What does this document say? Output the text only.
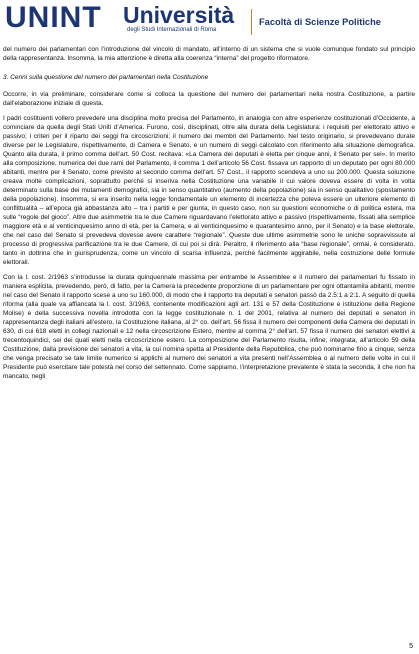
UNINT Università
degli Studi Internazionali di Roma
Facoltà di Scienze Politiche

del numero dei parlamentari con l’introduzione del vincolo di mandato, all’interno di un sistema che si vuole comunque fondato sul principio della rappresentanza. Insomma, la mia attenzione è diretta alla coerenza “interna” del progetto riformatore.

3. Cenni sulla questione del numero dei parlamentari nella Costituzione

Occorre, in via preliminare, considerare come si colloca la questione del numero dei parlamentari nella nostra Costituzione, a partire dall’elaborazione iniziale di questa.

I padri costituenti vollero prevedere una disciplina molto precisa del Parlamento, in analogia con altre esperienze costituzionali d’Occidente, a cominciare da quella degli Stati Uniti d’America. Furono, così, disciplinati, oltre alla durata della Legislatura: i requisiti per elettorato attivo e passivo; i criteri per il riparto dei seggi fra circoscrizioni; il numero dei membri del Parlamento. Nel testo originario, si prevedevano durate diverse per le Legislature, rispettivamente, di Camera e Senato, e un numero di seggi calcolato con riferimento alla situazione demografica. Quanto alla durata, il primo comma dell’art. 50 Cost. recitava: «La Camera dei deputati è eletta per cinque anni, il Senato per sei». In merito alla composizione, numerica dei due rami del Parlamento, il comma 1 dell’articolo 56 Cost. fissava un rapporto di un deputato per ogni 80.000 abitanti, mentre per il Senato, come previsto al secondo comma dell’art. 57 Cost., il rapporto scendeva a uno su 200.000. Questa soluzione creava molte complicazioni, soprattutto perché si inseriva nella Costituzione una variabile il cui valore doveva essere di volta in volta determinato sulla base dei mutamenti demografici, sia in senso quantitativo (aumento della popolazione) sia in senso qualitativo (spostamento della popolazione). Insomma, si era inserito nella legge fondamentale un elemento di incertezza che poteva essere un ulteriore elemento di conflittualità – all’epoca già abbastanza alto – tra i partiti e per giunta, in questo caso, non su questioni economiche o di politica estera, ma sulle “regole del gioco”. Altre due asimmetrie tra le due Camere riguardavano l’elettorato attivo e passivo (rispettivamente, fissati alla semplice maggiore età e al venticinquesimo anno di età, per la Camera, e al venticinquesimo e quarantesimo anno, per il Senato) e la base elettorale, che nel caso del Senato si prevedeva dovesse avere carattere “regionale”. Queste due ultime asimmetrie sono le uniche sopravvissute al processo di progressiva parificazione tra le due Camere, di cui poi si dirà. Peraltro, il riferimento alla “base regionale”, ormai, è considerato, tanto in dottrina che in giurisprudenza, come un vincolo di scarsa influenza, perché facilmente aggirabile, nella costruzione delle formule elettorali.

Con la l. cost. 2/1963 s’introdusse la durata quinquennale massima per entrambe le Assemblee e il numero dei parlamentari fu fissato in maniera esplicita, prevedendo, però, di fatto, per la Camera la precedente proporzione di un parlamentare per ogni ottantamila abitanti, mentre nel caso del Senato il rapporto scese a uno su 160.000, di modo che il rapporto tra deputati e senatori passò da 2.5:1 a 2:1. A seguito di quella riforma (alla quale va affiancata la l. cost. 3/1963, contenente modificazioni agli art. 131 e 57 della Costituzione e istituzione della Regione Molise) e della successiva novella introdotta con la legge costituzionale n. 1 del 2001, relativa al numero dei deputati e senatori in rappresentanza degli italiani all’estero, la Costituzione italiana, al 2° co. dell’art. 56 fissa il numero dei componenti della Camera dei deputati in 630, di cui 618 eletti in collegi nazionali e 12 nella circoscrizione Estero, mentre al comma 2° dell’art. 57 fissa il numero dei senatori elettivi a trecentoquindici, sei dei quali eletti nella circoscrizione estero. La composizione del Parlamento risulta, infine, integrata, all’articolo 59 della Costituzione, dalla previsione dei senatori a vita, la cui nomina spetta al Presidente della Repubblica, che può nominarne fino a cinque, senza che venga precisato se tale limite numerico si applichi al numero dei senatori a vita presenti nell’Assemblea o al numero delle volte in cui il Presidente può esercitare tale potestà nel corso del settennato. Come sappiamo, l’interpretazione prevalente è stata la seconda, il che non ha mancato, negli

5
